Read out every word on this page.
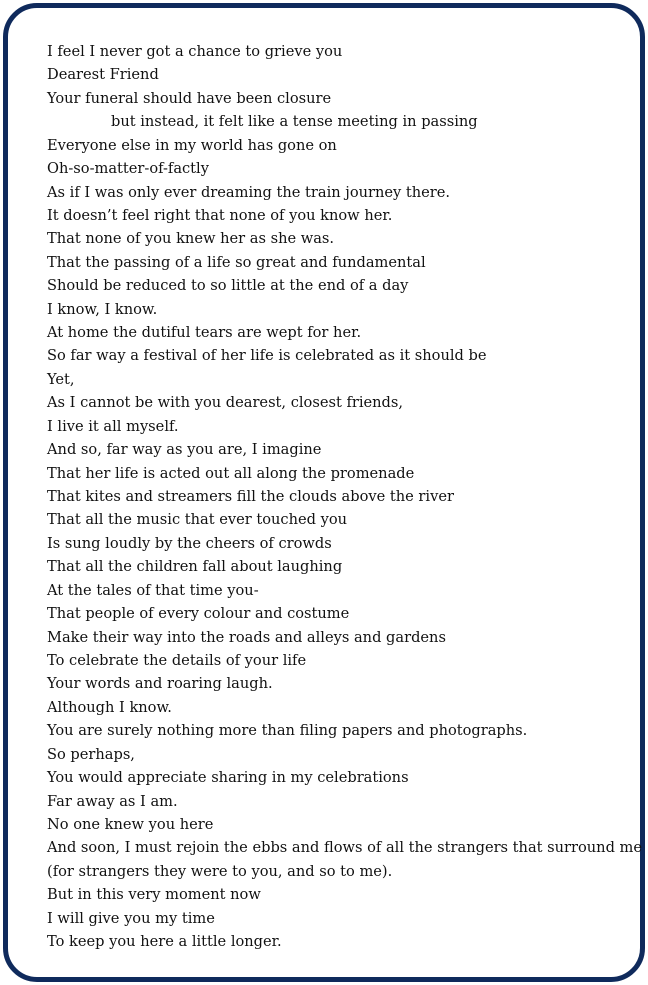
I feel I never got a chance to grieve you
Dearest Friend
Your funeral should have been closure
but instead, it felt like a tense meeting in passing
Everyone else in my world has gone on
Oh-so-matter-of-factly
As if I was only ever dreaming the train journey there.
It doesn’t feel right that none of you know her.
That none of you knew her as she was.
That the passing of a life so great and fundamental
Should be reduced to so little at the end of a day
I know, I know.
At home the dutiful tears are wept for her.
So far way a festival of her life is celebrated as it should be
Yet,
As I cannot be with you dearest, closest friends,
I live it all myself.
And so, far way as you are, I imagine
That her life is acted out all along the promenade
That kites and streamers fill the clouds above the river
That all the music that ever touched you
Is sung loudly by the cheers of crowds
That all the children fall about laughing
At the tales of that time you-
That people of every colour and costume
Make their way into the roads and alleys and gardens
To celebrate the details of your life
Your words and roaring laugh.
Although I know.
You are surely nothing more than filing papers and photographs.
So perhaps,
You would appreciate sharing in my celebrations
Far away as I am.
No one knew you here
And soon, I must rejoin the ebbs and flows of all the strangers that surround me
(for strangers they were to you, and so to me).
But in this very moment now
I will give you my time
To keep you here a little longer.
